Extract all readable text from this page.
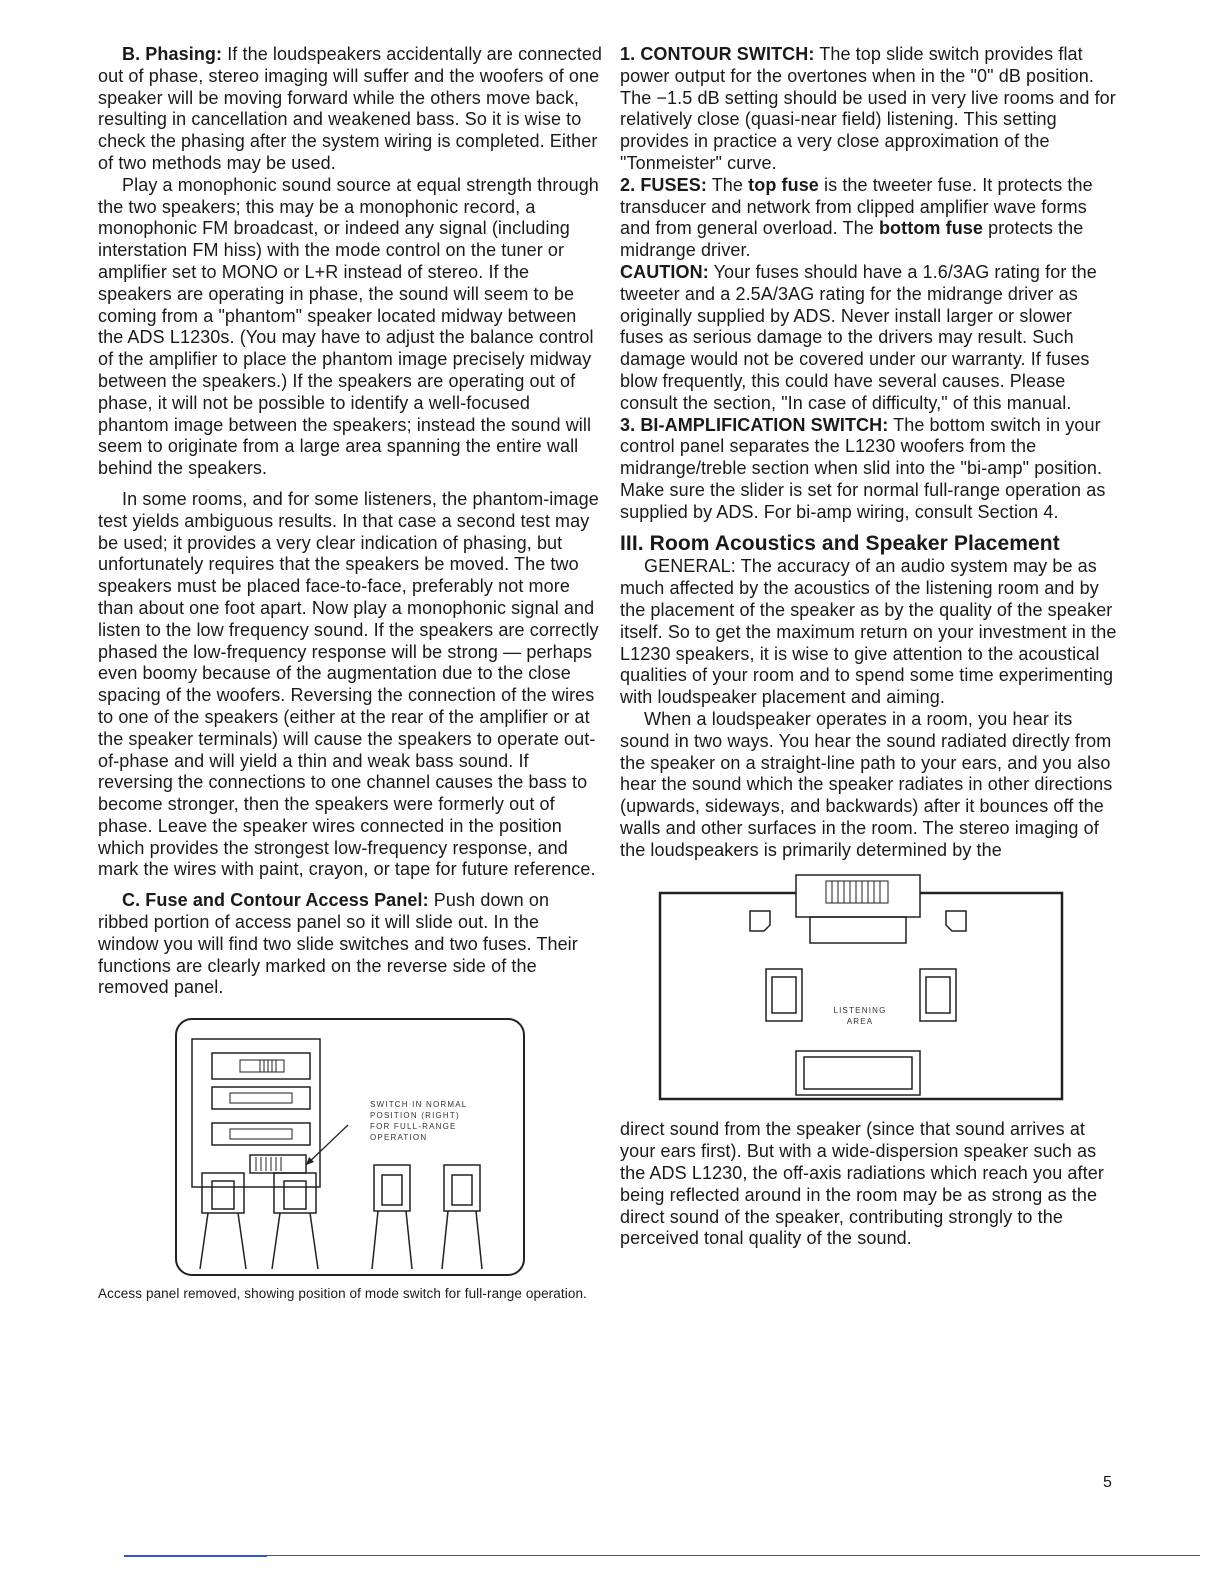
B. Phasing: If the loudspeakers accidentally are connected out of phase, stereo imaging will suffer and the woofers of one speaker will be moving forward while the others move back, resulting in cancellation and weakened bass. So it is wise to check the phasing after the system wiring is completed. Either of two methods may be used.

Play a monophonic sound source at equal strength through the two speakers; this may be a monophonic record, a monophonic FM broadcast, or indeed any signal (including interstation FM hiss) with the mode control on the tuner or amplifier set to MONO or L+R instead of stereo. If the speakers are operating in phase, the sound will seem to be coming from a "phantom" speaker located midway between the ADS L1230s. (You may have to adjust the balance control of the amplifier to place the phantom image precisely midway between the speakers.) If the speakers are operating out of phase, it will not be possible to identify a well-focused phantom image between the speakers; instead the sound will seem to originate from a large area spanning the entire wall behind the speakers.

In some rooms, and for some listeners, the phantom-image test yields ambiguous results. In that case a second test may be used; it provides a very clear indication of phasing, but unfortunately requires that the speakers be moved. The two speakers must be placed face-to-face, preferably not more than about one foot apart. Now play a monophonic signal and listen to the low frequency sound. If the speakers are correctly phased the low-frequency response will be strong — perhaps even boomy because of the augmentation due to the close spacing of the woofers. Reversing the connection of the wires to one of the speakers (either at the rear of the amplifier or at the speaker terminals) will cause the speakers to operate out-of-phase and will yield a thin and weak bass sound. If reversing the connections to one channel causes the bass to become stronger, then the speakers were formerly out of phase. Leave the speaker wires connected in the position which provides the strongest low-frequency response, and mark the wires with paint, crayon, or tape for future reference.

C. Fuse and Contour Access Panel: Push down on ribbed portion of access panel so it will slide out. In the window you will find two slide switches and two fuses. Their functions are clearly marked on the reverse side of the removed panel.

SWITCH IN NORMAL
POSITION (RIGHT)
FOR FULL-RANGE
OPERATION

Access panel removed, showing position of mode switch for full-range operation.

1. CONTOUR SWITCH: The top slide switch provides flat power output for the overtones when in the "0" dB position. The −1.5 dB setting should be used in very live rooms and for relatively close (quasi-near field) listening. This setting provides in practice a very close approximation of the "Tonmeister" curve.

2. FUSES: The top fuse is the tweeter fuse. It protects the transducer and network from clipped amplifier wave forms and from general overload. The bottom fuse protects the midrange driver.

CAUTION: Your fuses should have a 1.6/3AG rating for the tweeter and a 2.5A/3AG rating for the midrange driver as originally supplied by ADS. Never install larger or slower fuses as serious damage to the drivers may result. Such damage would not be covered under our warranty. If fuses blow frequently, this could have several causes. Please consult the section, "In case of difficulty," of this manual.

3. BI-AMPLIFICATION SWITCH: The bottom switch in your control panel separates the L1230 woofers from the midrange/treble section when slid into the "bi-amp" position. Make sure the slider is set for normal full-range operation as supplied by ADS. For bi-amp wiring, consult Section 4.

III. Room Acoustics and Speaker Placement

GENERAL: The accuracy of an audio system may be as much affected by the acoustics of the listening room and by the placement of the speaker as by the quality of the speaker itself. So to get the maximum return on your investment in the L1230 speakers, it is wise to give attention to the acoustical qualities of your room and to spend some time experimenting with loudspeaker placement and aiming.

When a loudspeaker operates in a room, you hear its sound in two ways. You hear the sound radiated directly from the speaker on a straight-line path to your ears, and you also hear the sound which the speaker radiates in other directions (upwards, sideways, and backwards) after it bounces off the walls and other surfaces in the room. The stereo imaging of the loudspeakers is primarily determined by the

LISTENING
AREA

direct sound from the speaker (since that sound arrives at your ears first). But with a wide-dispersion speaker such as the ADS L1230, the off-axis radiations which reach you after being reflected around in the room may be as strong as the direct sound of the speaker, contributing strongly to the perceived tonal quality of the sound.

5
